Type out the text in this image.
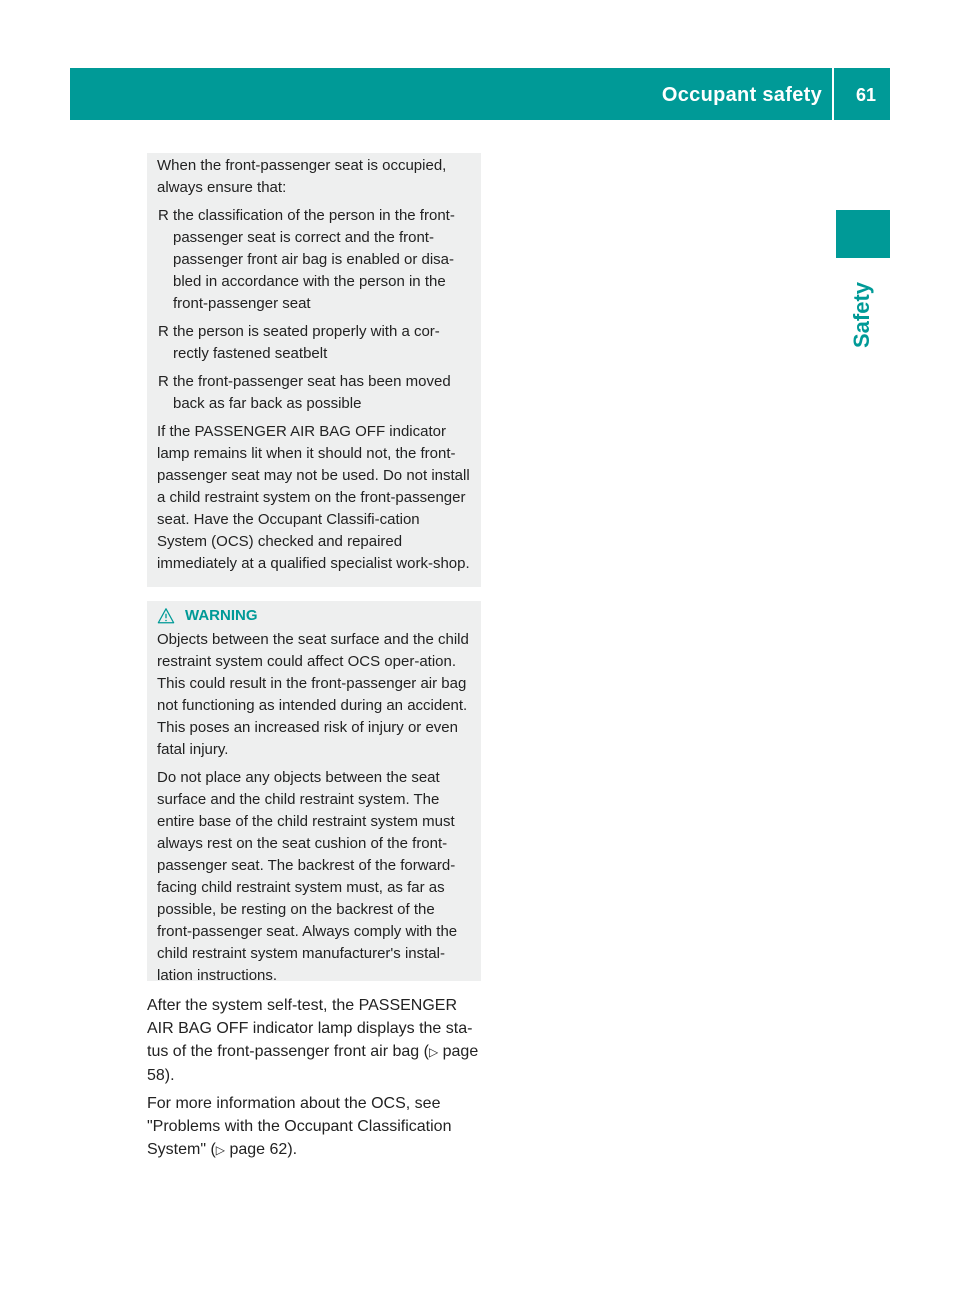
Occupant safety 61
Safety

When the front-passenger seat is occupied, always ensure that:

R the classification of the person in the front-passenger seat is correct and the front-passenger front air bag is enabled or disa-bled in accordance with the person in the front-passenger seat
R the person is seated properly with a cor-rectly fastened seatbelt
R the front-passenger seat has been moved back as far back as possible

If the PASSENGER AIR BAG OFF indicator lamp remains lit when it should not, the front-passenger seat may not be used. Do not install a child restraint system on the front-passenger seat. Have the Occupant Classifi-cation System (OCS) checked and repaired immediately at a qualified specialist work-shop.

WARNING

Objects between the seat surface and the child restraint system could affect OCS oper-ation. This could result in the front-passenger air bag not functioning as intended during an accident. This poses an increased risk of injury or even fatal injury.

Do not place any objects between the seat surface and the child restraint system. The entire base of the child restraint system must always rest on the seat cushion of the front-passenger seat. The backrest of the forward-facing child restraint system must, as far as possible, be resting on the backrest of the front-passenger seat. Always comply with the child restraint system manufacturer's instal-lation instructions.

After the system self-test, the PASSENGER AIR BAG OFF indicator lamp displays the sta-tus of the front-passenger front air bag (▷ page 58).

For more information about the OCS, see "Problems with the Occupant Classification System" (▷ page 62).
